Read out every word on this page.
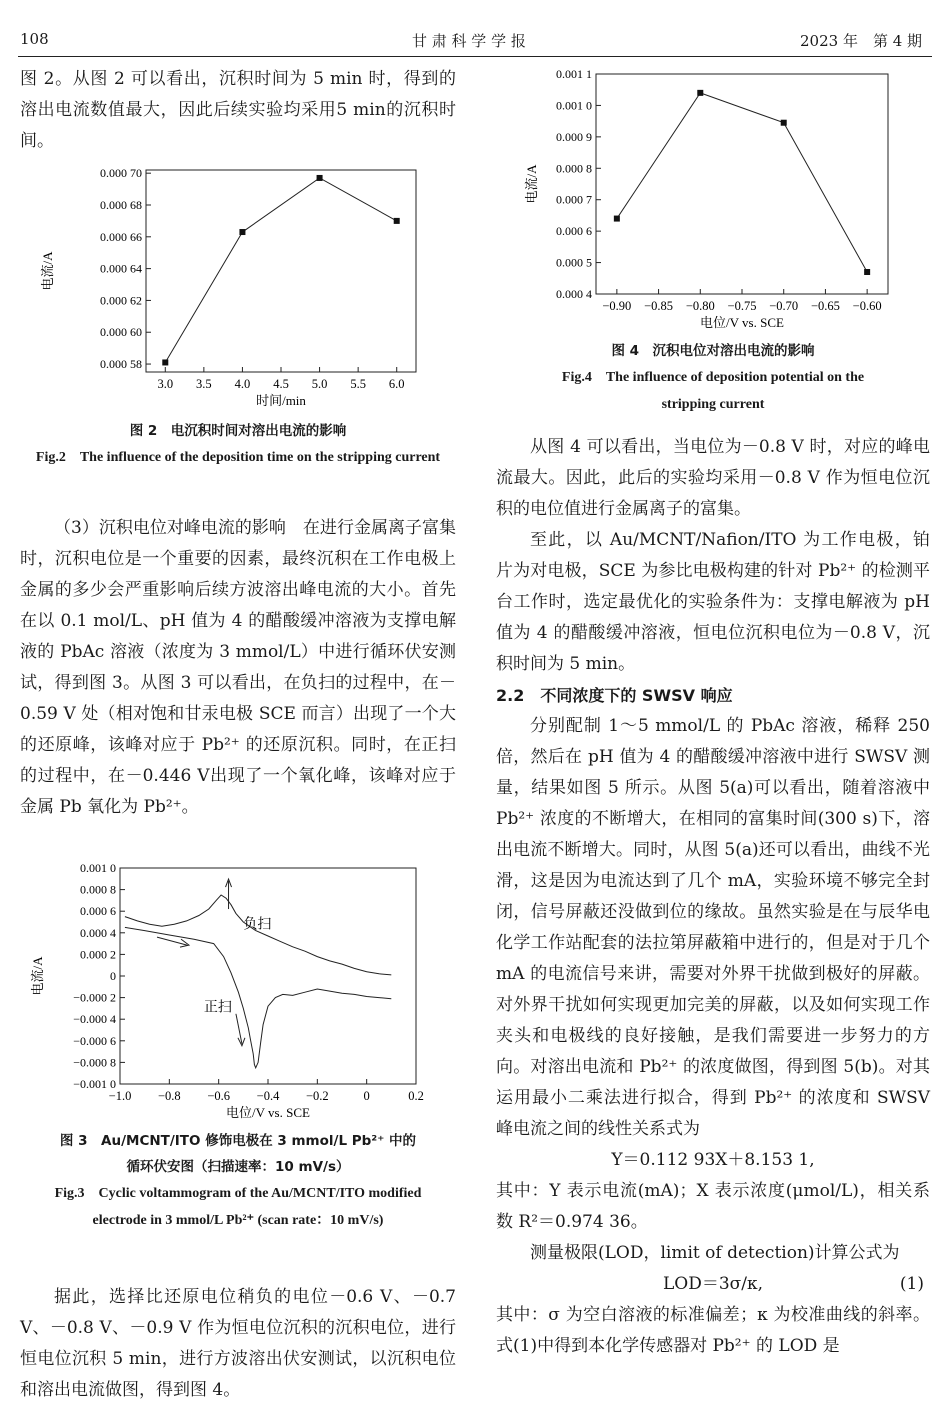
108	甘 肃 科 学 学 报	2023 年　第 4 期

图 2。从图 2 可以看出，沉积时间为 5 min 时，得到的溶出电流数值最大，因此后续实验均采用5 min的沉积时间。

3.0 3.5 4.0 4.5 5.0 5.5 6.0
0.000 58
0.000 60
0.000 62
0.000 64
0.000 66
0.000 68
0.000 70
时间/min
电流/A
图 2　电沉积时间对溶出电流的影响
Fig.2　The influence of the deposition time on the stripping current

（3）沉积电位对峰电流的影响　在进行金属离子富集时，沉积电位是一个重要的因素，最终沉积在工作电极上金属的多少会严重影响后续方波溶出峰电流的大小。首先在以 0.1 mol/L、pH 值为 4 的醋酸缓冲溶液为支撑电解液的 PbAc 溶液（浓度为 3 mmol/L）中进行循环伏安测试，得到图 3。从图 3 可以看出，在负扫的过程中，在－0.59 V 处（相对饱和甘汞电极 SCE 而言）出现了一个大的还原峰，该峰对应于 Pb²⁺ 的还原沉积。同时，在正扫的过程中，在－0.446 V出现了一个氧化峰，该峰对应于金属 Pb 氧化为 Pb²⁺。

−1.0 −0.8 −0.6 −0.4 −0.2	0	0.2
0.001 0
0.000 8
0.000 6
0.000 4
0.000 2
0
−0.000 2
−0.000 4
−0.000 6
−0.000 8
−0.001 0
电位/V vs. SCE
电流/A
负扫
正扫
图 3　Au/MCNT/ITO 修饰电极在 3 mmol/L Pb²⁺ 中的
循环伏安图（扫描速率：10 mV/s）
Fig.3　Cyclic voltammogram of the Au/MCNT/ITO modified
electrode in 3 mmol/L Pb²⁺ (scan rate：10 mV/s)

据此，选择比还原电位稍负的电位－0.6 V、－0.7 V、－0.8 V、－0.9 V 作为恒电位沉积的沉积电位，进行恒电位沉积 5 min，进行方波溶出伏安测试，以沉积电位和溶出电流做图，得到图 4。

−0.90 −0.85 −0.80 −0.75 −0.70 −0.65 −0.60
0.000 4
0.000 5
0.000 6
0.000 7
0.000 8
0.000 9
0.001 0
0.001 1
电位/V vs. SCE
电流/A
图 4　沉积电位对溶出电流的影响
Fig.4　The influence of deposition potential on the
stripping current

从图 4 可以看出，当电位为－0.8 V 时，对应的峰电流最大。因此，此后的实验均采用－0.8 V 作为恒电位沉积的电位值进行金属离子的富集。

至此，以 Au/MCNT/Nafion/ITO 为工作电极，铂片为对电极，SCE 为参比电极构建的针对 Pb²⁺ 的检测平台工作时，选定最优化的实验条件为：支撑电解液为 pH 值为 4 的醋酸缓冲溶液，恒电位沉积电位为－0.8 V，沉积时间为 5 min。

2.2　不同浓度下的 SWSV 响应

分别配制 1～5 mmol/L 的 PbAc 溶液，稀释 250 倍，然后在 pH 值为 4 的醋酸缓冲溶液中进行 SWSV 测量，结果如图 5 所示。从图 5(a)可以看出，随着溶液中 Pb²⁺ 浓度的不断增大，在相同的富集时间(300 s)下，溶出电流不断增大。同时，从图 5(a)还可以看出，曲线不光滑，这是因为电流达到了几个 mA，实验环境不够完全封闭，信号屏蔽还没做到位的缘故。虽然实验是在与辰华电化学工作站配套的法拉第屏蔽箱中进行的，但是对于几个 mA 的电流信号来讲，需要对外界干扰做到极好的屏蔽。对外界干扰如何实现更加完美的屏蔽，以及如何实现工作夹头和电极线的良好接触，是我们需要进一步努力的方向。对溶出电流和 Pb²⁺ 的浓度做图，得到图 5(b)。对其运用最小二乘法进行拟合，得到 Pb²⁺ 的浓度和 SWSV 峰电流之间的线性关系式为

Y＝0.112 93X＋8.153 1,

其中：Y 表示电流(mA)；X 表示浓度(μmol/L)，相关系数 R²＝0.974 36。

测量极限(LOD，limit of detection)计算公式为

LOD＝3σ/κ,	(1)

其中：σ 为空白溶液的标准偏差；κ 为校准曲线的斜率。式(1)中得到本化学传感器对 Pb²⁺ 的 LOD 是
